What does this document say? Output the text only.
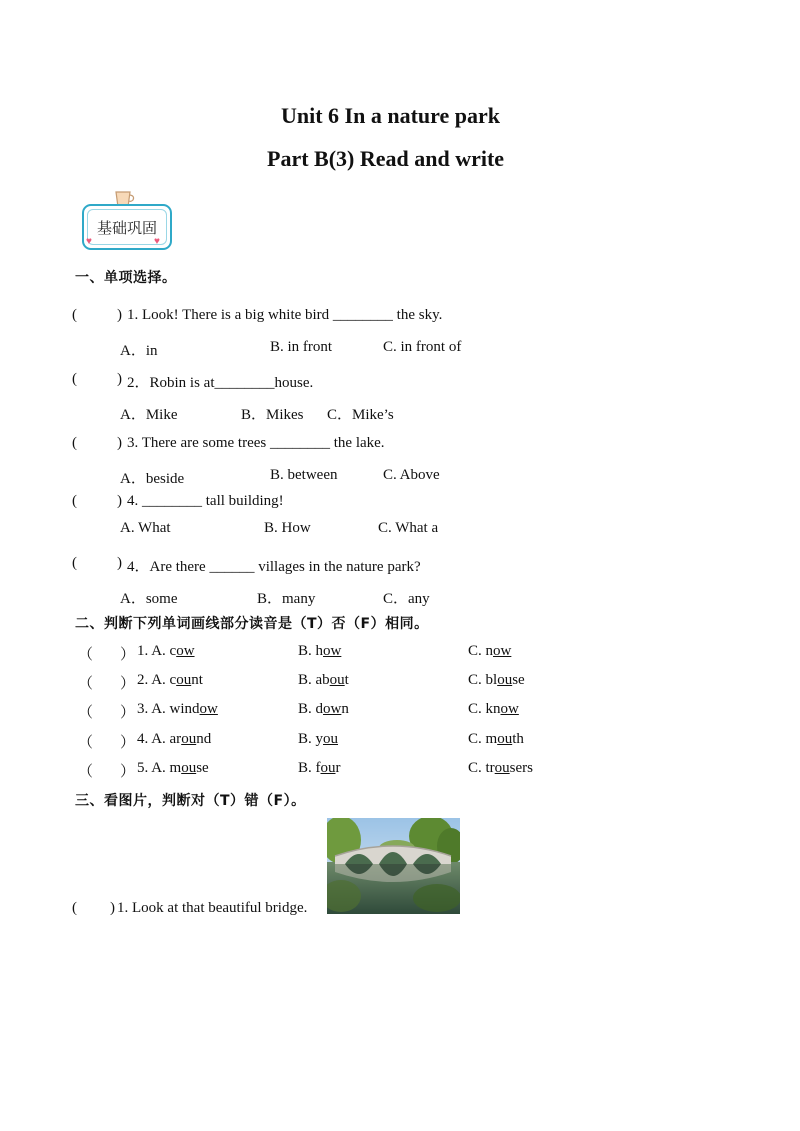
Unit 6 In a nature park
Part B(3) Read and write
基础巩固
♥	♥
一、单项选择。
(	) 1. Look! There is a big white bird ________ the sky.
A．in	B. in front	C. in front of
(	) 2．Robin is at________house.
A．Mike	B．Mikes C．Mike’s
(	) 3. There are some trees ________ the lake.
A．beside	B. between	C. Above
(	) 4. ________ tall building!
A. What	B. How	C. What a
(	) 4．Are there ______ villages in the nature park?
A．some	B．many	C．any
二、判断下列单词画线部分读音是（T）否（F）相同。
（ ） 1. A. cow	B. how	C. now
（ ） 2. A. count	B. about	C. blouse
（ ） 3. A. window	B. down	C. know
（ ） 4. A. around	B. you	C. mouth
（ ） 5. A. mouse	B. four	C. trousers
三、看图片，判断对（T）错（F）。
( ) 1. Look at that beautiful bridge.
